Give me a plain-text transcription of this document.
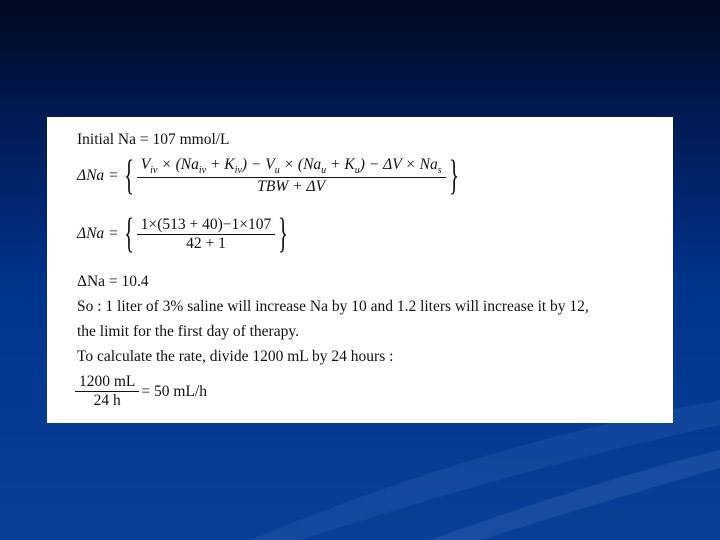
Initial Na = 107 mmol/L
ΔNa = { $\frac{V_{iv} \times (Na_{iv} + K_{iv}) - V_u \times (Na_u + K_u) - \Delta V \times Na_s}{\text{TBW + ΔV}}$ }
ΔNa = { $\frac{1\times(513 + 40)-1\times 107}{42 + 1}$ }
ΔNa = 10.4
So : 1 liter of 3% saline will increase Na by 10 and 1.2 liters will increase it by 12,
the limit for the first day of therapy.
To calculate the rate, divide 1200 mL by 24 hours :
$\frac{1200 mL}{24 h} = 50$ mL/h
